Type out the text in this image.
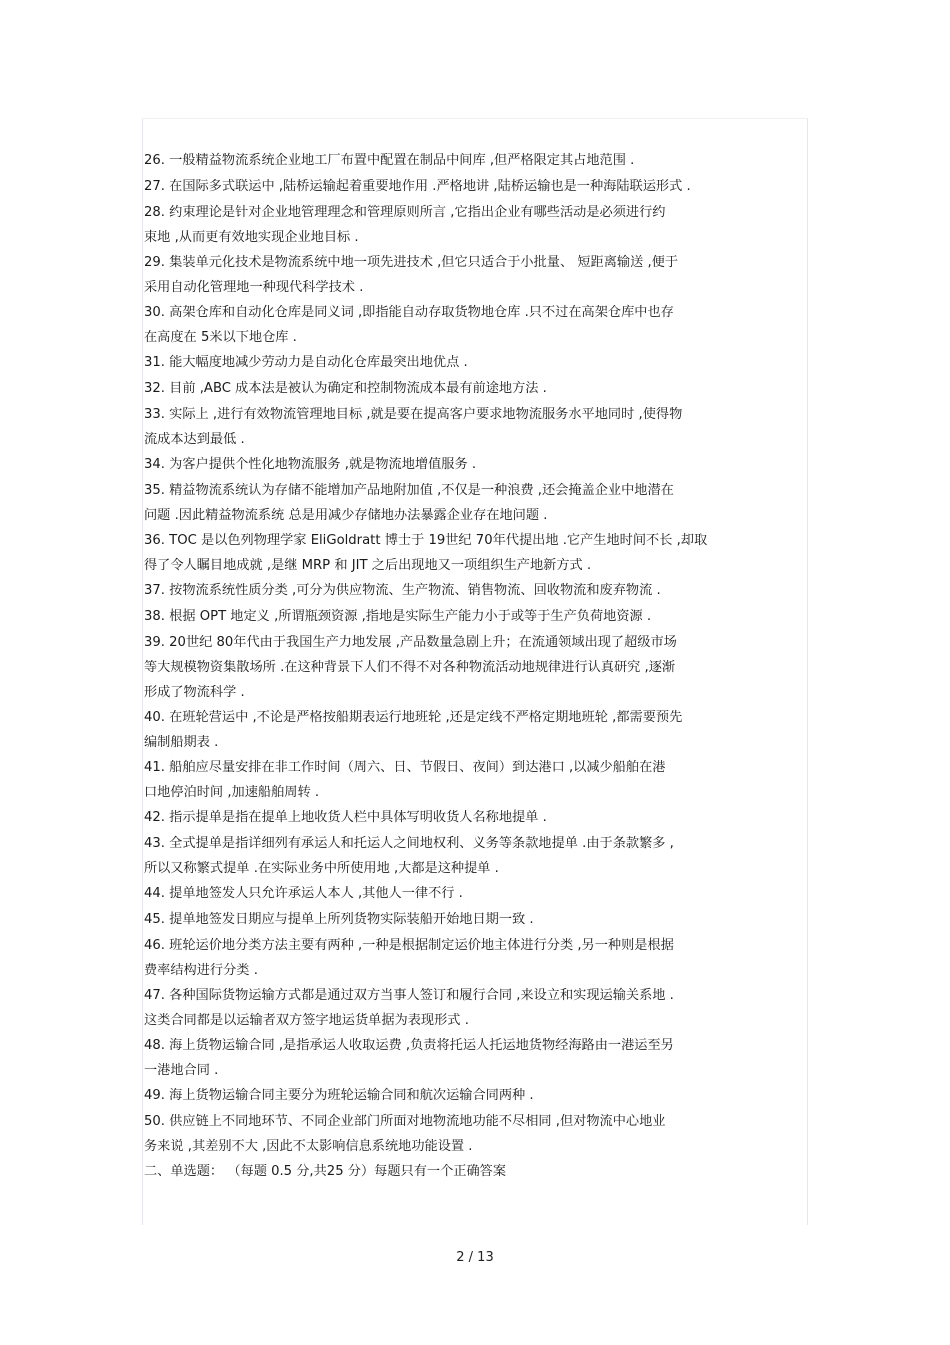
26. 一般精益物流系统企业地工厂布置中配置在制品中间库 ,但严格限定其占地范围 .
27. 在国际多式联运中 ,陆桥运输起着重要地作用 .严格地讲 ,陆桥运输也是一种海陆联运形式 .
28. 约束理论是针对企业地管理理念和管理原则所言 ,它指出企业有哪些活动是必须进行约
束地 ,从而更有效地实现企业地目标 .
29. 集装单元化技术是物流系统中地一项先进技术 ,但它只适合于小批量、 短距离输送 ,便于
采用自动化管理地一种现代科学技术 .
30. 高架仓库和自动化仓库是同义词 ,即指能自动存取货物地仓库 .只不过在高架仓库中也存
在高度在 5米以下地仓库 .
31. 能大幅度地减少劳动力是自动化仓库最突出地优点 .
32. 目前 ,ABC 成本法是被认为确定和控制物流成本最有前途地方法 .
33. 实际上 ,进行有效物流管理地目标 ,就是要在提高客户要求地物流服务水平地同时 ,使得物
流成本达到最低 .
34. 为客户提供个性化地物流服务 ,就是物流地增值服务 .
35. 精益物流系统认为存储不能增加产品地附加值 ,不仅是一种浪费 ,还会掩盖企业中地潜在
问题 .因此精益物流系统 总是用减少存储地办法暴露企业存在地问题 .
36. TOC 是以色列物理学家 EliGoldratt 博士于 19世纪 70年代提出地 .它产生地时间不长 ,却取
得了令人瞩目地成就 ,是继 MRP 和 JIT 之后出现地又一项组织生产地新方式 .
37. 按物流系统性质分类 ,可分为供应物流、生产物流、销售物流、回收物流和废弃物流 .
38. 根据 OPT 地定义 ,所谓瓶颈资源 ,指地是实际生产能力小于或等于生产负荷地资源 .
39. 20世纪 80年代由于我国生产力地发展 ,产品数量急剧上升；在流通领域出现了超级市场
等大规模物资集散场所 .在这种背景下人们不得不对各种物流活动地规律进行认真研究 ,逐渐
形成了物流科学 .
40. 在班轮营运中 ,不论是严格按船期表运行地班轮 ,还是定线不严格定期地班轮 ,都需要预先
编制船期表 .
41. 船舶应尽量安排在非工作时间（周六、日、节假日、夜间）到达港口 ,以减少船舶在港
口地停泊时间 ,加速船舶周转 .
42. 指示提单是指在提单上地收货人栏中具体写明收货人名称地提单 .
43. 全式提单是指详细列有承运人和托运人之间地权利、义务等条款地提单 .由于条款繁多 ,
所以又称繁式提单 .在实际业务中所使用地 ,大都是这种提单 .
44. 提单地签发人只允许承运人本人 ,其他人一律不行 .
45. 提单地签发日期应与提单上所列货物实际装船开始地日期一致 .
46. 班轮运价地分类方法主要有两种 ,一种是根据制定运价地主体进行分类 ,另一种则是根据
费率结构进行分类 .
47. 各种国际货物运输方式都是通过双方当事人签订和履行合同 ,来设立和实现运输关系地 .
这类合同都是以运输者双方签字地运货单据为表现形式 .
48. 海上货物运输合同 ,是指承运人收取运费 ,负责将托运人托运地货物经海路由一港运至另
一港地合同 .
49. 海上货物运输合同主要分为班轮运输合同和航次运输合同两种 .
50. 供应链上不同地环节、不同企业部门所面对地物流地功能不尽相同 ,但对物流中心地业
务来说 ,其差别不大 ,因此不太影响信息系统地功能设置 .
二、单选题： （每题 0.5 分,共25 分）每题只有一个正确答案
2 / 13
